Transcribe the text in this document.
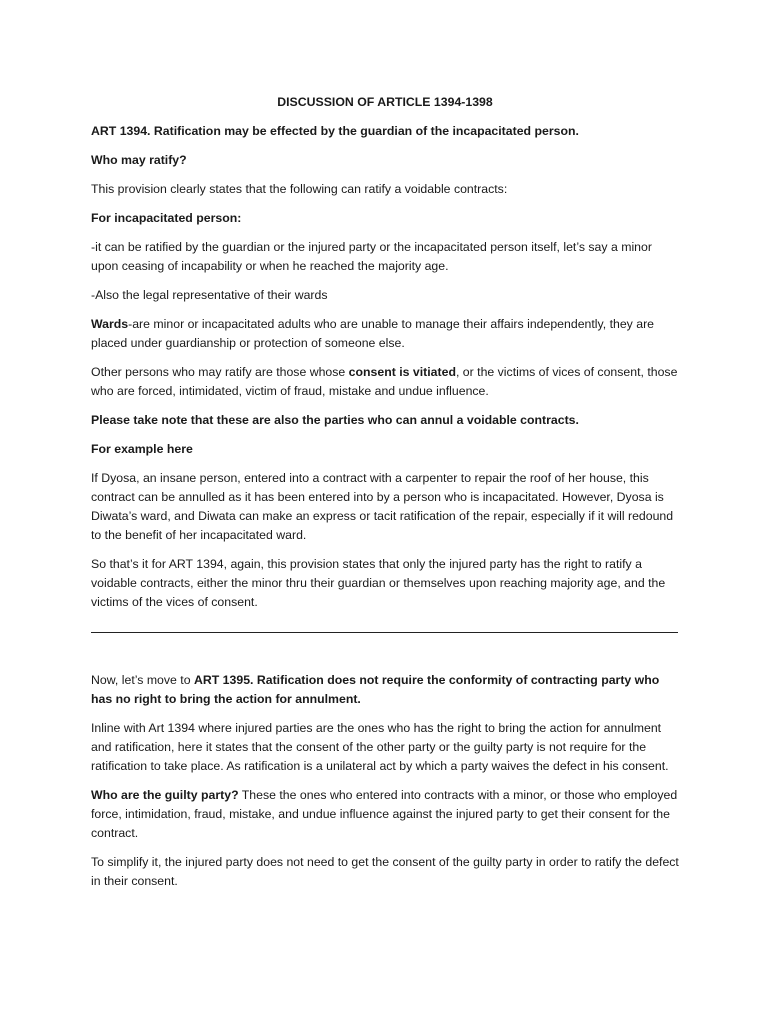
DISCUSSION OF ARTICLE 1394-1398

ART 1394. Ratification may be effected by the guardian of the incapacitated person.

Who may ratify?

This provision clearly states that the following can ratify a voidable contracts:

For incapacitated person:

-it can be ratified by the guardian or the injured party or the incapacitated person itself, let’s say a minor upon ceasing of incapability or when he reached the majority age.

-Also the legal representative of their wards

Wards-are minor or incapacitated adults who are unable to manage their affairs independently, they are placed under guardianship or protection of someone else.

Other persons who may ratify are those whose consent is vitiated, or the victims of vices of consent, those who are forced, intimidated, victim of fraud, mistake and undue influence.

Please take note that these are also the parties who can annul a voidable contracts.

For example here

If Dyosa, an insane person, entered into a contract with a carpenter to repair the roof of her house, this contract can be annulled as it has been entered into by a person who is incapacitated. However, Dyosa is Diwata’s ward, and Diwata can make an express or tacit ratification of the repair, especially if it will redound to the benefit of her incapacitated ward.

So that’s it for ART 1394, again, this provision states that only the injured party has the right to ratify a voidable contracts, either the minor thru their guardian or themselves upon reaching majority age, and the victims of the vices of consent.

Now, let’s move to ART 1395. Ratification does not require the conformity of contracting party who has no right to bring the action for annulment.

Inline with Art 1394 where injured parties are the ones who has the right to bring the action for annulment and ratification, here it states that the consent of the other party or the guilty party is not require for the ratification to take place. As ratification is a unilateral act by which a party waives the defect in his consent.

Who are the guilty party? These the ones who entered into contracts with a minor, or those who employed force, intimidation, fraud, mistake, and undue influence against the injured party to get their consent for the contract.

To simplify it, the injured party does not need to get the consent of the guilty party in order to ratify the defect in their consent.
